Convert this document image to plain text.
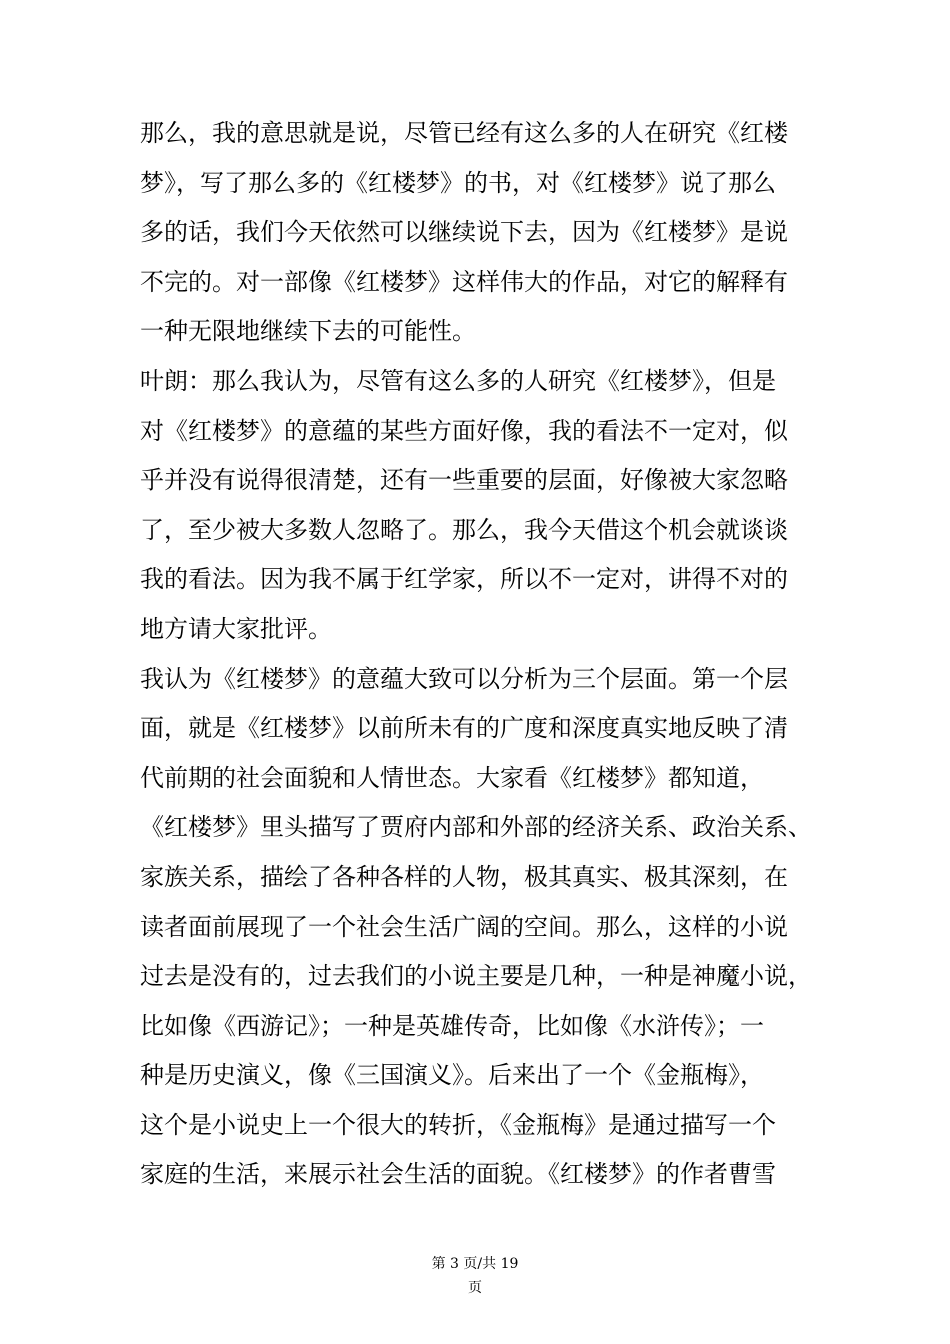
那么，我的意思就是说，尽管已经有这么多的人在研究《红楼
梦》，写了那么多的《红楼梦》的书，对《红楼梦》说了那么
多的话，我们今天依然可以继续说下去，因为《红楼梦》是说
不完的。对一部像《红楼梦》这样伟大的作品，对它的解释有
一种无限地继续下去的可能性。
叶朗：那么我认为，尽管有这么多的人研究《红楼梦》，但是
对《红楼梦》的意蕴的某些方面好像，我的看法不一定对，似
乎并没有说得很清楚，还有一些重要的层面，好像被大家忽略
了，至少被大多数人忽略了。那么，我今天借这个机会就谈谈
我的看法。因为我不属于红学家，所以不一定对，讲得不对的
地方请大家批评。
我认为《红楼梦》的意蕴大致可以分析为三个层面。第一个层
面，就是《红楼梦》以前所未有的广度和深度真实地反映了清
代前期的社会面貌和人情世态。大家看《红楼梦》都知道，
《红楼梦》里头描写了贾府内部和外部的经济关系、政治关系、
家族关系，描绘了各种各样的人物，极其真实、极其深刻，在
读者面前展现了一个社会生活广阔的空间。那么，这样的小说
过去是没有的，过去我们的小说主要是几种，一种是神魔小说，
比如像《西游记》；一种是英雄传奇，比如像《水浒传》；一
种是历史演义，像《三国演义》。后来出了一个《金瓶梅》，
这个是小说史上一个很大的转折，《金瓶梅》是通过描写一个
家庭的生活，来展示社会生活的面貌。《红楼梦》的作者曹雪
第 3 页/共 19
页
